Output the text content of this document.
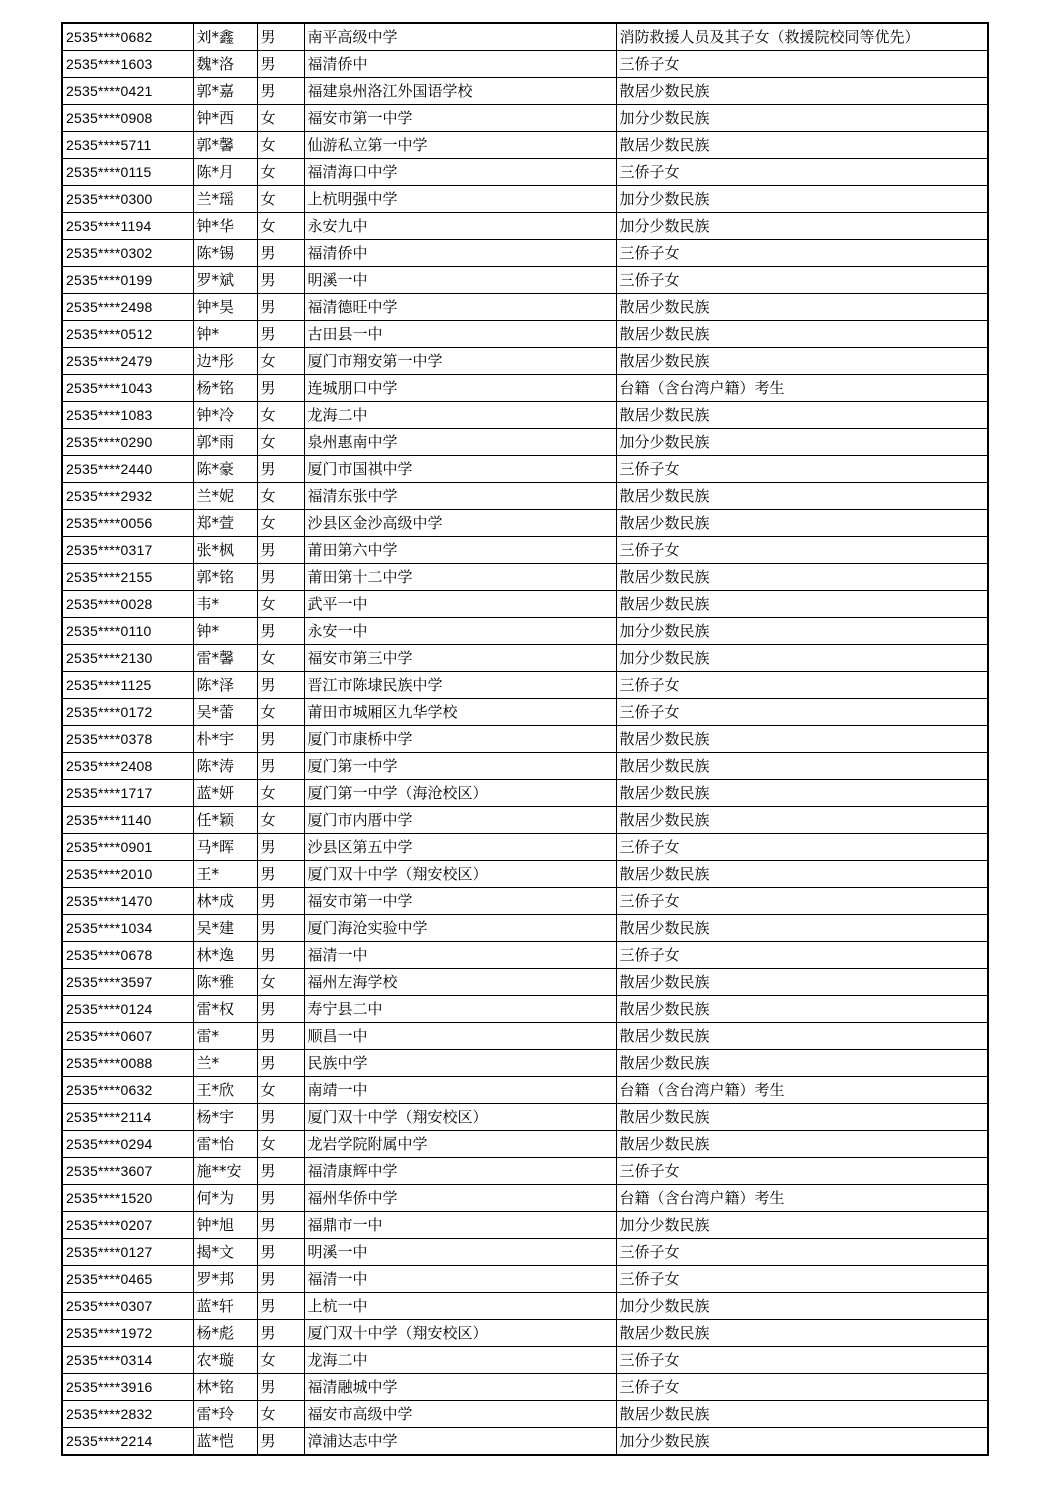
2535****0682	刘*鑫	男	南平高级中学	消防救援人员及其子女（救援院校同等优先）
2535****1603	魏*洛	男	福清侨中	三侨子女
2535****0421	郭*嘉	男	福建泉州洛江外国语学校	散居少数民族
2535****0908	钟*西	女	福安市第一中学	加分少数民族
2535****5711	郭*馨	女	仙游私立第一中学	散居少数民族
2535****0115	陈*月	女	福清海口中学	三侨子女
2535****0300	兰*瑶	女	上杭明强中学	加分少数民族
2535****1194	钟*华	女	永安九中	加分少数民族
2535****0302	陈*锡	男	福清侨中	三侨子女
2535****0199	罗*斌	男	明溪一中	三侨子女
2535****2498	钟*昊	男	福清德旺中学	散居少数民族
2535****0512	钟*	男	古田县一中	散居少数民族
2535****2479	边*彤	女	厦门市翔安第一中学	散居少数民族
2535****1043	杨*铭	男	连城朋口中学	台籍（含台湾户籍）考生
2535****1083	钟*冷	女	龙海二中	散居少数民族
2535****0290	郭*雨	女	泉州惠南中学	加分少数民族
2535****2440	陈*豪	男	厦门市国祺中学	三侨子女
2535****2932	兰*妮	女	福清东张中学	散居少数民族
2535****0056	郑*萱	女	沙县区金沙高级中学	散居少数民族
2535****0317	张*枫	男	莆田第六中学	三侨子女
2535****2155	郭*铭	男	莆田第十二中学	散居少数民族
2535****0028	韦*	女	武平一中	散居少数民族
2535****0110	钟*	男	永安一中	加分少数民族
2535****2130	雷*馨	女	福安市第三中学	加分少数民族
2535****1125	陈*泽	男	晋江市陈埭民族中学	三侨子女
2535****0172	吴*蕾	女	莆田市城厢区九华学校	三侨子女
2535****0378	朴*宇	男	厦门市康桥中学	散居少数民族
2535****2408	陈*涛	男	厦门第一中学	散居少数民族
2535****1717	蓝*妍	女	厦门第一中学（海沧校区）	散居少数民族
2535****1140	任*颖	女	厦门市内厝中学	散居少数民族
2535****0901	马*晖	男	沙县区第五中学	三侨子女
2535****2010	王*	男	厦门双十中学（翔安校区）	散居少数民族
2535****1470	林*成	男	福安市第一中学	三侨子女
2535****1034	吴*建	男	厦门海沧实验中学	散居少数民族
2535****0678	林*逸	男	福清一中	三侨子女
2535****3597	陈*雅	女	福州左海学校	散居少数民族
2535****0124	雷*权	男	寿宁县二中	散居少数民族
2535****0607	雷*	男	顺昌一中	散居少数民族
2535****0088	兰*	男	民族中学	散居少数民族
2535****0632	王*欣	女	南靖一中	台籍（含台湾户籍）考生
2535****2114	杨*宇	男	厦门双十中学（翔安校区）	散居少数民族
2535****0294	雷*怡	女	龙岩学院附属中学	散居少数民族
2535****3607	施**安	男	福清康辉中学	三侨子女
2535****1520	何*为	男	福州华侨中学	台籍（含台湾户籍）考生
2535****0207	钟*旭	男	福鼎市一中	加分少数民族
2535****0127	揭*文	男	明溪一中	三侨子女
2535****0465	罗*邦	男	福清一中	三侨子女
2535****0307	蓝*轩	男	上杭一中	加分少数民族
2535****1972	杨*彪	男	厦门双十中学（翔安校区）	散居少数民族
2535****0314	农*璇	女	龙海二中	三侨子女
2535****3916	林*铭	男	福清融城中学	三侨子女
2535****2832	雷*玲	女	福安市高级中学	散居少数民族
2535****2214	蓝*恺	男	漳浦达志中学	加分少数民族
